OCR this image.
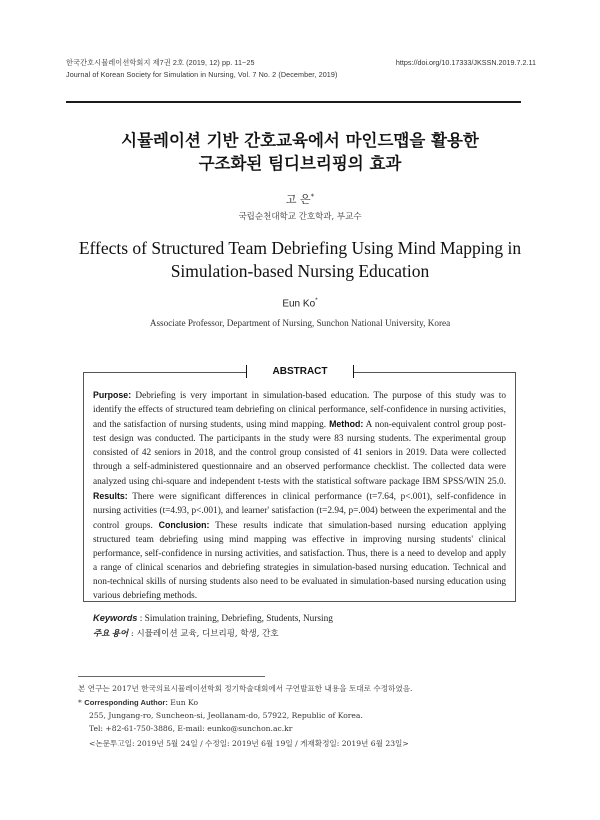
한국간호시뮬레이션학회지 제7권 2호 (2019, 12) pp. 11~25
Journal of Korean Society for Simulation in Nursing, Vol. 7 No. 2 (December, 2019)
https://doi.org/10.17333/JKSSN.2019.7.2.11
시뮬레이션 기반 간호교육에서 마인드맵을 활용한
구조화된 팀디브리핑의 효과
고 은*
국립순천대학교 간호학과, 부교수
Effects of Structured Team Debriefing Using Mind Mapping in
Simulation-based Nursing Education
Eun Ko*
Associate Professor, Department of Nursing, Sunchon National University, Korea
ABSTRACT
Purpose: Debriefing is very important in simulation-based education. The purpose of this study was to identify the effects of structured team debriefing on clinical performance, self-confidence in nursing activities, and the satisfaction of nursing students, using mind mapping. Method: A non-equivalent control group post-test design was conducted. The participants in the study were 83 nursing students. The experimental group consisted of 42 seniors in 2018, and the control group consisted of 41 seniors in 2019. Data were collected through a self-administered questionnaire and an observed performance checklist. The collected data were analyzed using chi-square and independent t-tests with the statistical software package IBM SPSS/WIN 25.0. Results: There were significant differences in clinical performance (t=7.64, p<.001), self-confidence in nursing activities (t=4.93, p<.001), and learner' satisfaction (t=2.94, p=.004) between the experimental and the control groups. Conclusion: These results indicate that simulation-based nursing education applying structured team debriefing using mind mapping was effective in improving nursing students' clinical performance, self-confidence in nursing activities, and satisfaction. Thus, there is a need to develop and apply a range of clinical scenarios and debriefing strategies in simulation-based nursing education. Technical and non-technical skills of nursing students also need to be evaluated in simulation-based nursing education using various debriefing methods.
Keywords : Simulation training, Debriefing, Students, Nursing
주요 용어 : 시뮬레이션 교육, 디브리핑, 학생, 간호
본 연구는 2017년 한국의료시뮬레이션학회 정기학술대회에서 구연발표한 내용을 토대로 수정하였음.
* Corresponding Author: Eun Ko
255, Jungang-ro, Suncheon-si, Jeollanam-do, 57922, Republic of Korea.
Tel: +82-61-750-3886, E-mail: eunko@sunchon.ac.kr
<논문투고일: 2019년 5월 24일 / 수정일: 2019년 6월 19일 / 게재확정일: 2019년 6월 23일>
